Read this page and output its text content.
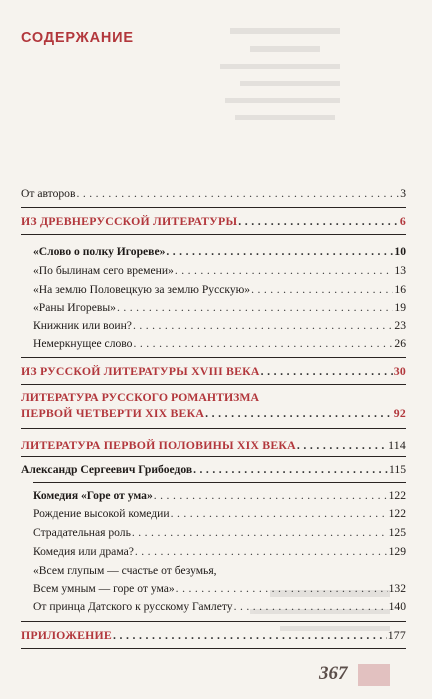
СОДЕРЖАНИЕ
От авторов . . .	3
ИЗ ДРЕВНЕРУССКОЙ ЛИТЕРАТУРЫ . . .	6
«Слово о полку Игореве» . . .	10
«По былинам сего времени» . . .	13
«На землю Половецкую за землю Русскую» . . .	16
«Раны Игоревы» . . .	19
Книжник или воин? . . .	23
Немеркнущее слово . . .	26
ИЗ РУССКОЙ ЛИТЕРАТУРЫ XVIII ВЕКА . . .	30
ЛИТЕРАТУРА РУССКОГО РОМАНТИЗМА
ПЕРВОЙ ЧЕТВЕРТИ XIX ВЕКА . . .	92
ЛИТЕРАТУРА ПЕРВОЙ ПОЛОВИНЫ XIX ВЕКА . . .	114
Александр Сергеевич Грибоедов . . .	115
Комедия «Горе от ума» . . .	122
Рождение высокой комедии . . .	122
Страдательная роль . . .	125
Комедия или драма? . . .	129
«Всем глупым — счастье от безумья,
Всем умным — горе от ума» . . .	132
От принца Датского к русскому Гамлету . . .	140
ПРИЛОЖЕНИЕ . . .	177
367
